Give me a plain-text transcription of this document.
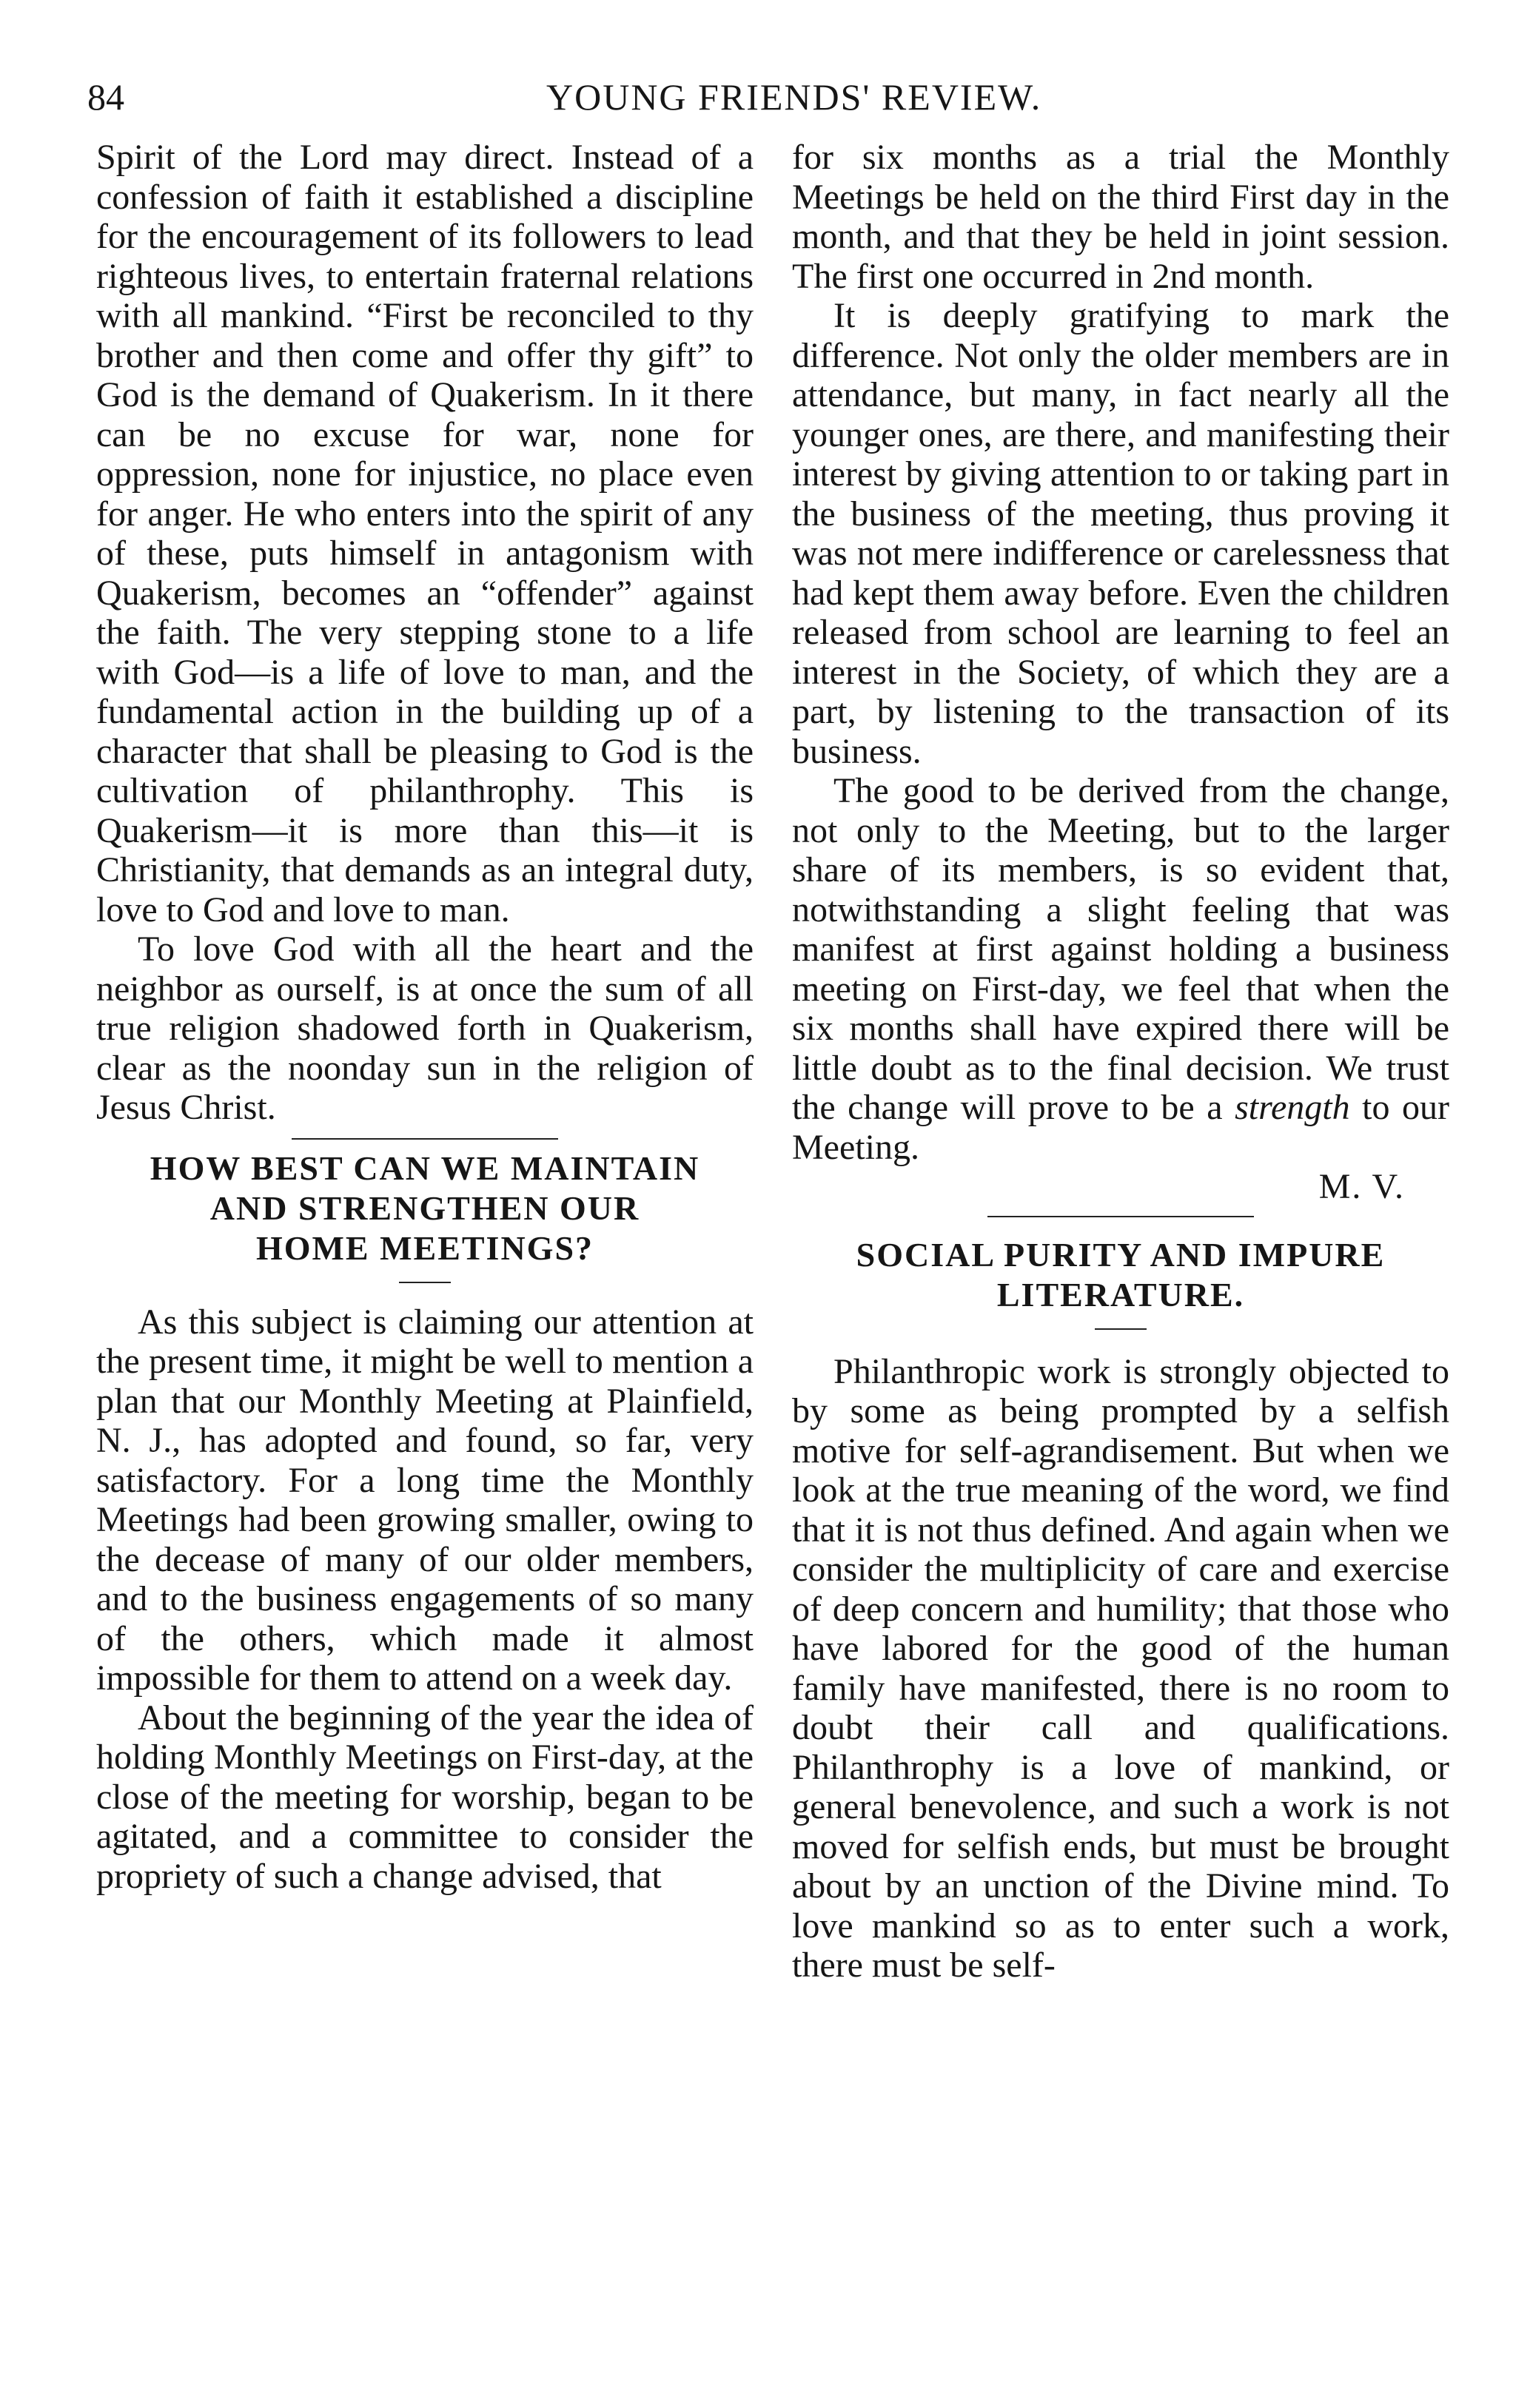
84	YOUNG FRIENDS' REVIEW.

Spirit of the Lord may direct. Instead of a confession of faith it established a discipline for the encouragement of its followers to lead righteous lives, to entertain fraternal relations with all mankind. “First be reconciled to thy brother and then come and offer thy gift” to God is the demand of Quakerism. In it there can be no excuse for war, none for oppression, none for injustice, no place even for anger. He who enters into the spirit of any of these, puts himself in antagonism with Quakerism, becomes an “offender” against the faith. The very stepping stone to a life with God—is a life of love to man, and the fundamental action in the building up of a character that shall be pleasing to God is the cultivation of philanthrophy. This is Quakerism—it is more than this—it is Christianity, that demands as an integral duty, love to God and love to man.

To love God with all the heart and the neighbor as ourself, is at once the sum of all true religion shadowed forth in Quakerism, clear as the noonday sun in the religion of Jesus Christ.

HOW BEST CAN WE MAINTAIN
AND STRENGTHEN OUR
HOME MEETINGS?

As this subject is claiming our attention at the present time, it might be well to mention a plan that our Monthly Meeting at Plainfield, N. J., has adopted and found, so far, very satisfactory. For a long time the Monthly Meetings had been growing smaller, owing to the decease of many of our older members, and to the business engagements of so many of the others, which made it almost impossible for them to attend on a week day.

About the beginning of the year the idea of holding Monthly Meetings on First-day, at the close of the meeting for worship, began to be agitated, and a committee to consider the propriety of such a change advised, that

for six months as a trial the Monthly Meetings be held on the third First day in the month, and that they be held in joint session. The first one occurred in 2nd month.

It is deeply gratifying to mark the difference. Not only the older members are in attendance, but many, in fact nearly all the younger ones, are there, and manifesting their interest by giving attention to or taking part in the business of the meeting, thus proving it was not mere indifference or carelessness that had kept them away before. Even the children released from school are learning to feel an interest in the Society, of which they are a part, by listening to the transaction of its business.

The good to be derived from the change, not only to the Meeting, but to the larger share of its members, is so evident that, notwithstanding a slight feeling that was manifest at first against holding a business meeting on First-day, we feel that when the six months shall have expired there will be little doubt as to the final decision. We trust the change will prove to be a strength to our Meeting.

M. V.

SOCIAL PURITY AND IMPURE
LITERATURE.

Philanthropic work is strongly objected to by some as being prompted by a selfish motive for self-agrandisement. But when we look at the true meaning of the word, we find that it is not thus defined. And again when we consider the multiplicity of care and exercise of deep concern and humility; that those who have labored for the good of the human family have manifested, there is no room to doubt their call and qualifications. Philanthrophy is a love of mankind, or general benevolence, and such a work is not moved for selfish ends, but must be brought about by an unction of the Divine mind. To love mankind so as to enter such a work, there must be self-
